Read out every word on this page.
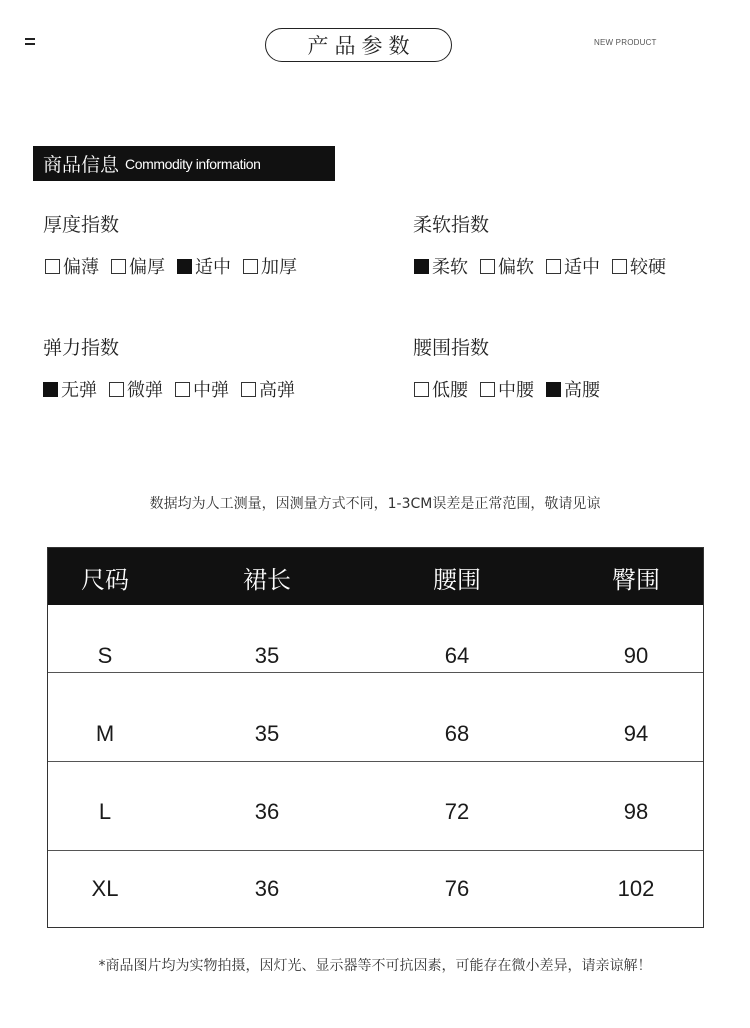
产品参数	NEW PRODUCT
商品信息 Commodity information
厚度指数
偏薄 偏厚 适中 加厚
柔软指数
柔软 偏软 适中 较硬
弹力指数
无弹 微弹 中弹 高弹
腰围指数
低腰 中腰 高腰
数据均为人工测量，因测量方式不同，1-3CM误差是正常范围，敬请见谅
尺码	裙长	腰围	臀围
S	35	64	90
M	35	68	94
L	36	72	98
XL	36	76	102
*商品图片均为实物拍摄，因灯光、显示器等不可抗因素，可能存在微小差异，请亲谅解！
